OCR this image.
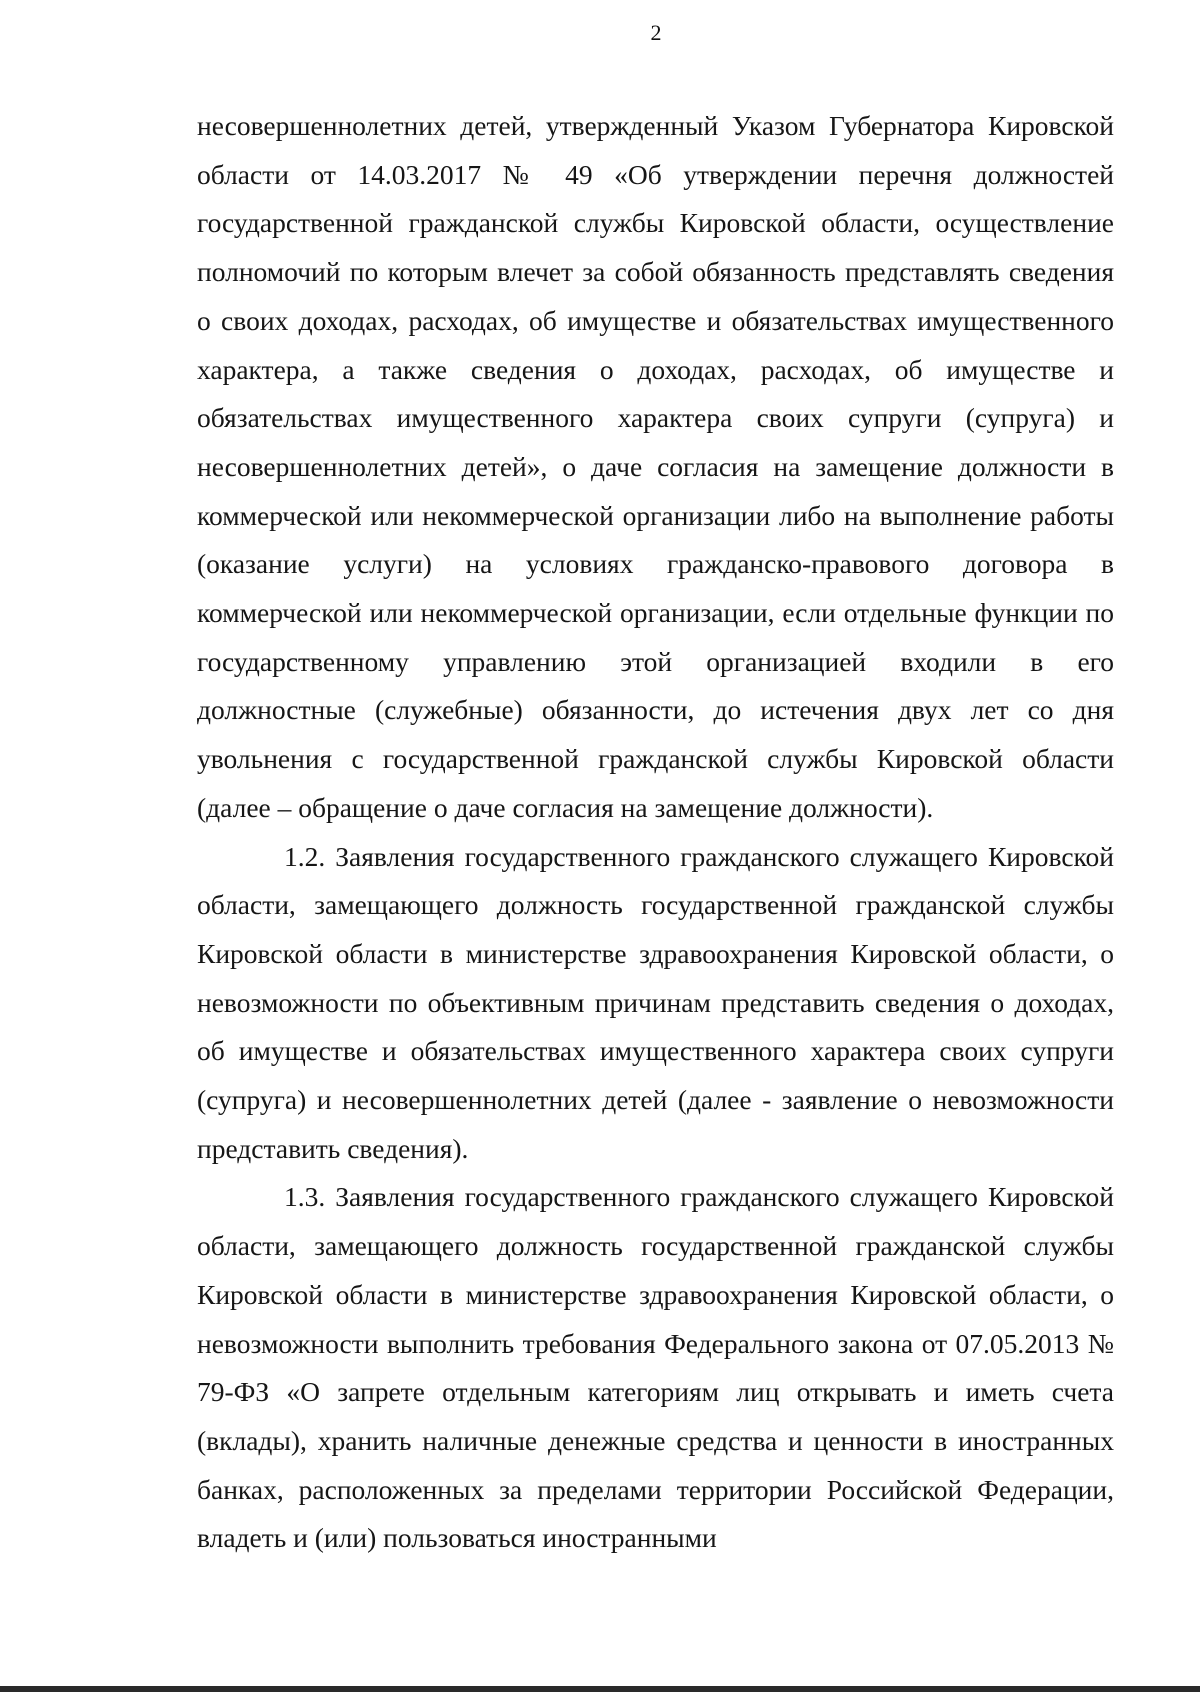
2

несовершеннолетних детей, утвержденный Указом Губернатора Кировской области от 14.03.2017 № 49 «Об утверждении перечня должностей государственной гражданской службы Кировской области, осуществление полномочий по которым влечет за собой обязанность представлять сведения о своих доходах, расходах, об имуществе и обязательствах имущественного характера, а также сведения о доходах, расходах, об имуществе и обязательствах имущественного характера своих супруги (супруга) и несовершеннолетних детей», о даче согласия на замещение должности в коммерческой или некоммерческой организации либо на выполнение работы (оказание услуги) на условиях гражданско-правового договора в коммерческой или некоммерческой организации, если отдельные функции по государственному управлению этой организацией входили в его должностные (служебные) обязанности, до истечения двух лет со дня увольнения с государственной гражданской службы Кировской области (далее – обращение о даче согласия на замещение должности).

1.2. Заявления государственного гражданского служащего Кировской области, замещающего должность государственной гражданской службы Кировской области в министерстве здравоохранения Кировской области, о невозможности по объективным причинам представить сведения о доходах, об имуществе и обязательствах имущественного характера своих супруги (супруга) и несовершеннолетних детей (далее - заявление о невозможности представить сведения).

1.3. Заявления государственного гражданского служащего Кировской области, замещающего должность государственной гражданской службы Кировской области в министерстве здравоохранения Кировской области, о невозможности выполнить требования Федерального закона от 07.05.2013 № 79-ФЗ «О запрете отдельным категориям лиц открывать и иметь счета (вклады), хранить наличные денежные средства и ценности в иностранных банках, расположенных за пределами территории Российской Федерации, владеть и (или) пользоваться иностранными
